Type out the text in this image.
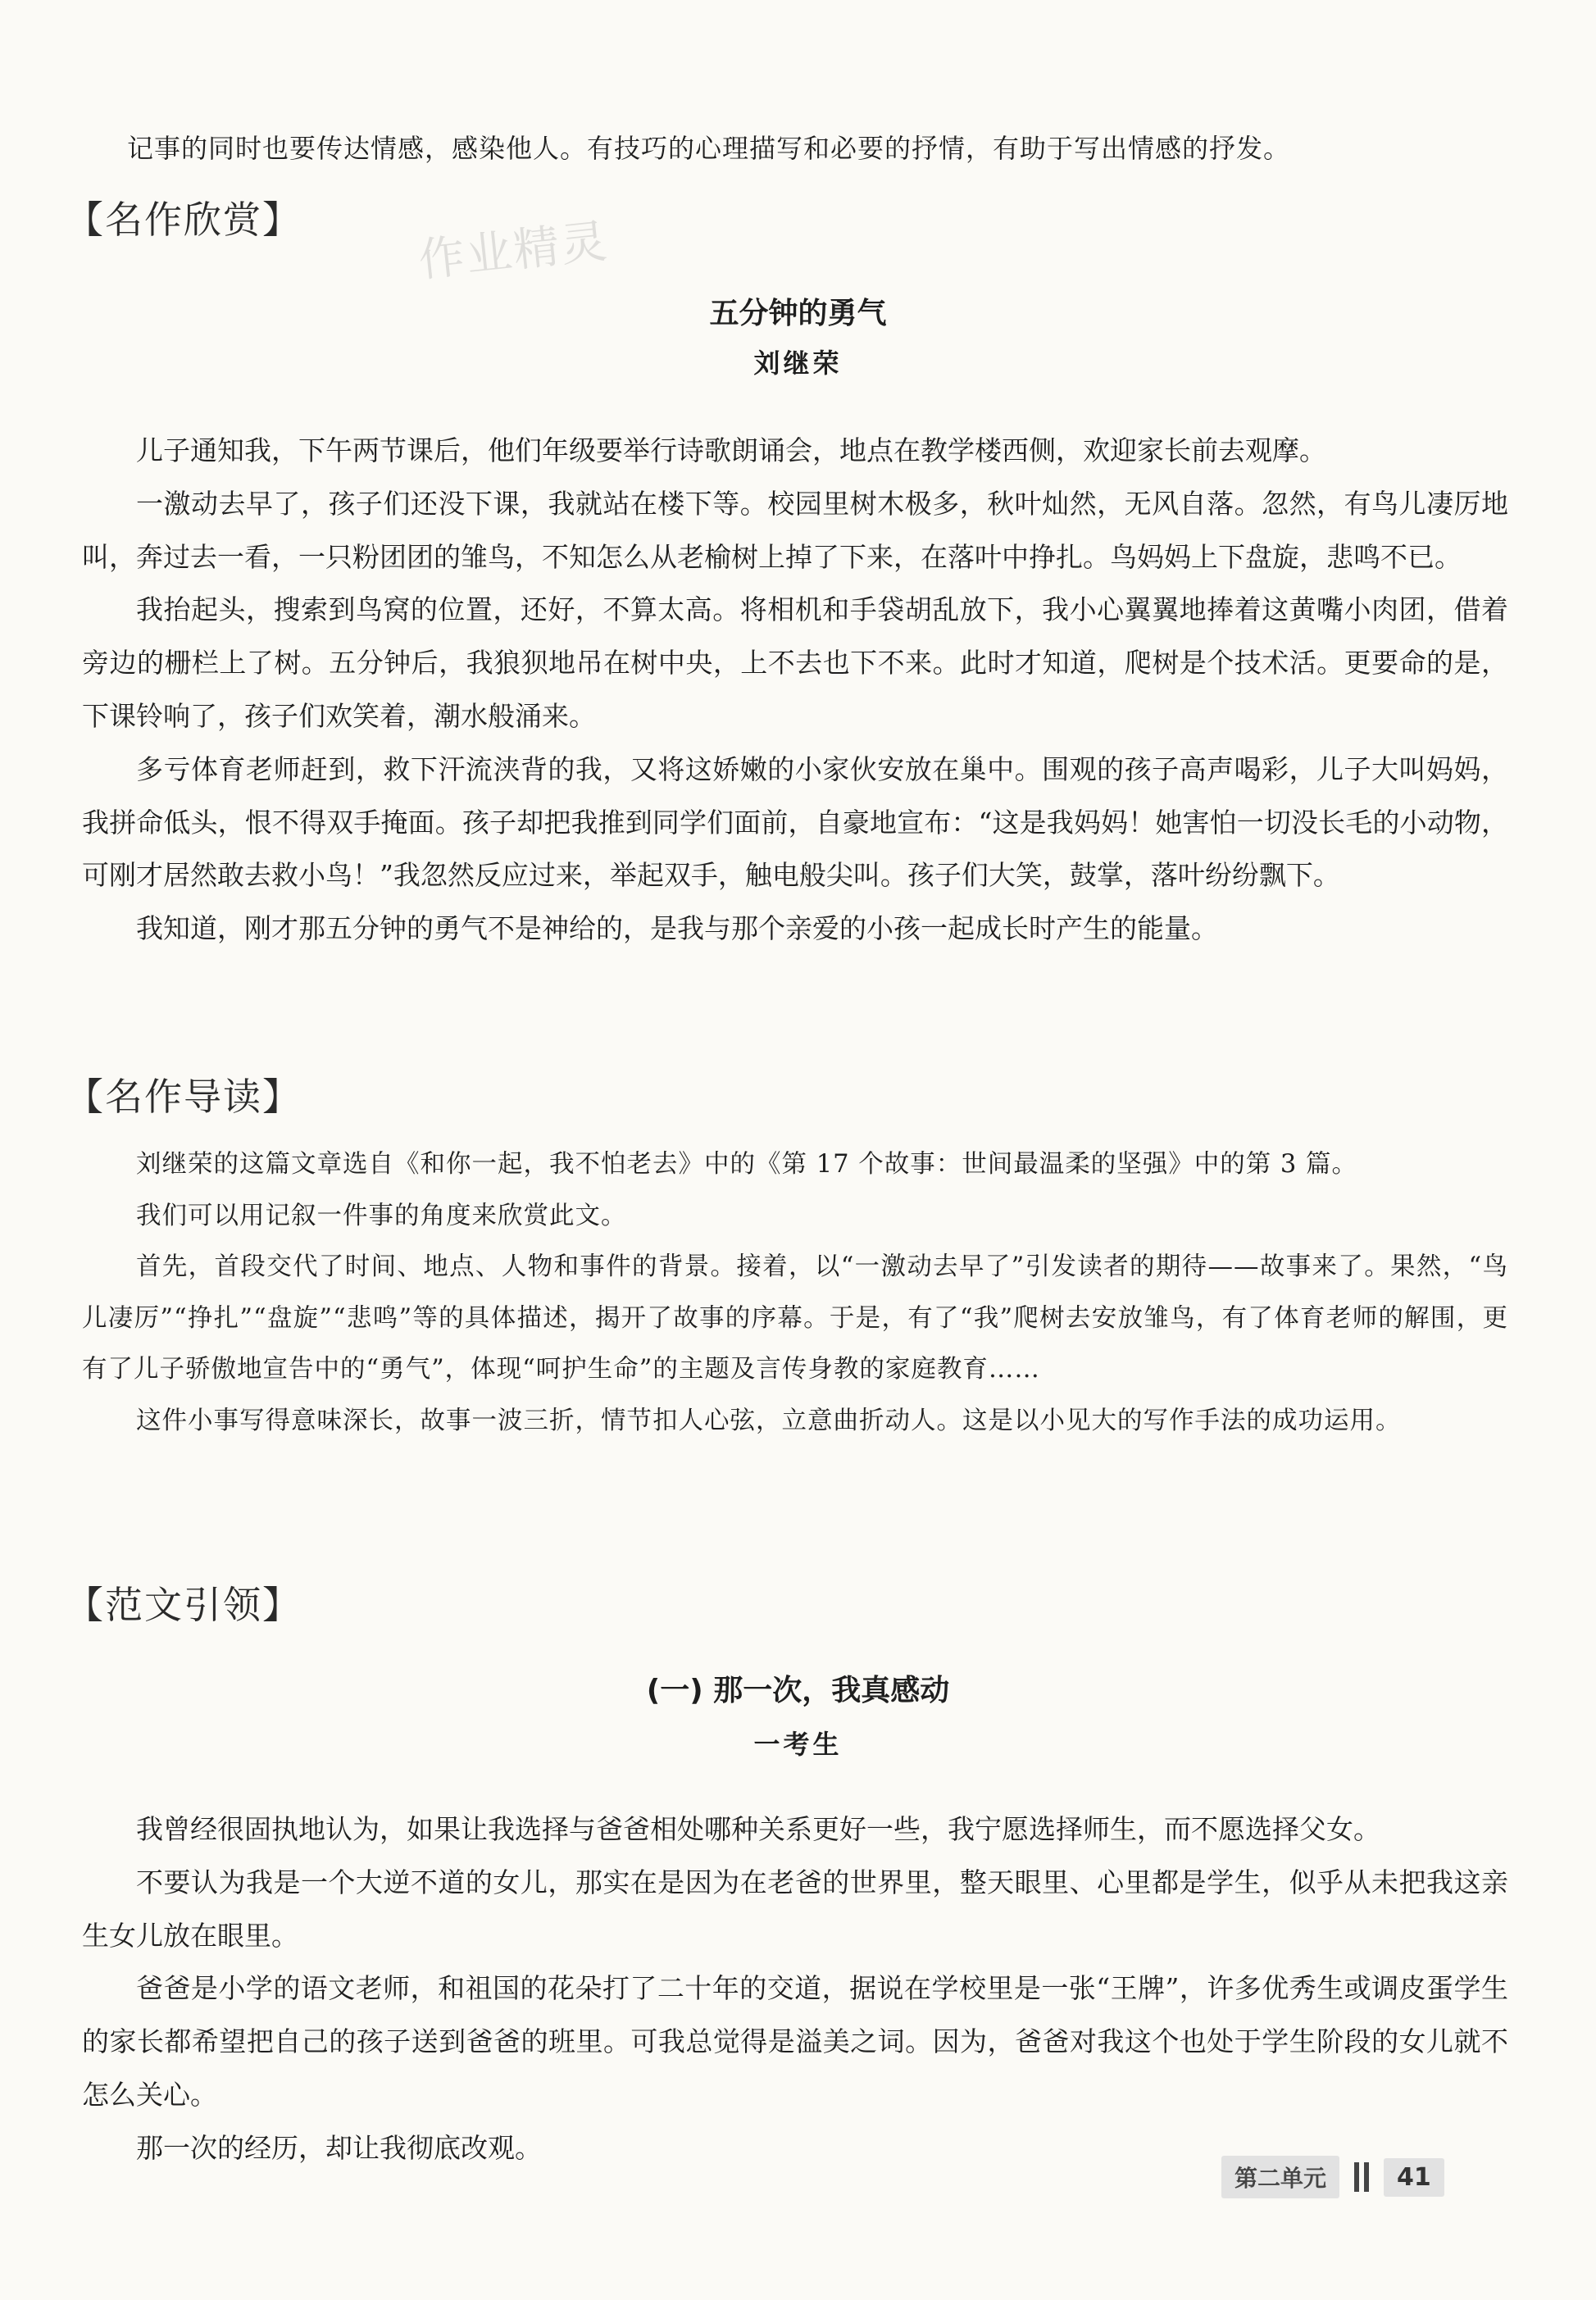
记事的同时也要传达情感，感染他人。有技巧的心理描写和必要的抒情，有助于写出情感的抒发。

【名作欣赏】 作业精灵
五分钟的勇气
刘继荣

儿子通知我，下午两节课后，他们年级要举行诗歌朗诵会，地点在教学楼西侧，欢迎家长前去观摩。

一激动去早了，孩子们还没下课，我就站在楼下等。校园里树木极多，秋叶灿然，无风自落。忽然，有鸟儿凄厉地叫，奔过去一看，一只粉团团的雏鸟，不知怎么从老榆树上掉了下来，在落叶中挣扎。鸟妈妈上下盘旋，悲鸣不已。

我抬起头，搜索到鸟窝的位置，还好，不算太高。将相机和手袋胡乱放下，我小心翼翼地捧着这黄嘴小肉团，借着旁边的栅栏上了树。五分钟后，我狼狈地吊在树中央，上不去也下不来。此时才知道，爬树是个技术活。更要命的是，下课铃响了，孩子们欢笑着，潮水般涌来。

多亏体育老师赶到，救下汗流浃背的我，又将这娇嫩的小家伙安放在巢中。围观的孩子高声喝彩，儿子大叫妈妈，我拼命低头，恨不得双手掩面。孩子却把我推到同学们面前，自豪地宣布：“这是我妈妈！她害怕一切没长毛的小动物，可刚才居然敢去救小鸟！”我忽然反应过来，举起双手，触电般尖叫。孩子们大笑，鼓掌，落叶纷纷飘下。

我知道，刚才那五分钟的勇气不是神给的，是我与那个亲爱的小孩一起成长时产生的能量。

【名作导读】

刘继荣的这篇文章选自《和你一起，我不怕老去》中的《第 17 个故事：世间最温柔的坚强》中的第 3 篇。

我们可以用记叙一件事的角度来欣赏此文。

首先，首段交代了时间、地点、人物和事件的背景。接着，以“一激动去早了”引发读者的期待——故事来了。果然，“鸟儿凄厉”“挣扎”“盘旋”“悲鸣”等的具体描述，揭开了故事的序幕。于是，有了“我”爬树去安放雏鸟，有了体育老师的解围，更有了儿子骄傲地宣告中的“勇气”，体现“呵护生命”的主题及言传身教的家庭教育……

这件小事写得意味深长，故事一波三折，情节扣人心弦，立意曲折动人。这是以小见大的写作手法的成功运用。

【范文引领】
(一) 那一次，我真感动
一考生

我曾经很固执地认为，如果让我选择与爸爸相处哪种关系更好一些，我宁愿选择师生，而不愿选择父女。

不要认为我是一个大逆不道的女儿，那实在是因为在老爸的世界里，整天眼里、心里都是学生，似乎从未把我这亲生女儿放在眼里。

爸爸是小学的语文老师，和祖国的花朵打了二十年的交道，据说在学校里是一张“王牌”，许多优秀生或调皮蛋学生的家长都希望把自己的孩子送到爸爸的班里。可我总觉得是溢美之词。因为，爸爸对我这个也处于学生阶段的女儿就不怎么关心。

那一次的经历，却让我彻底改观。

第二单元	41
